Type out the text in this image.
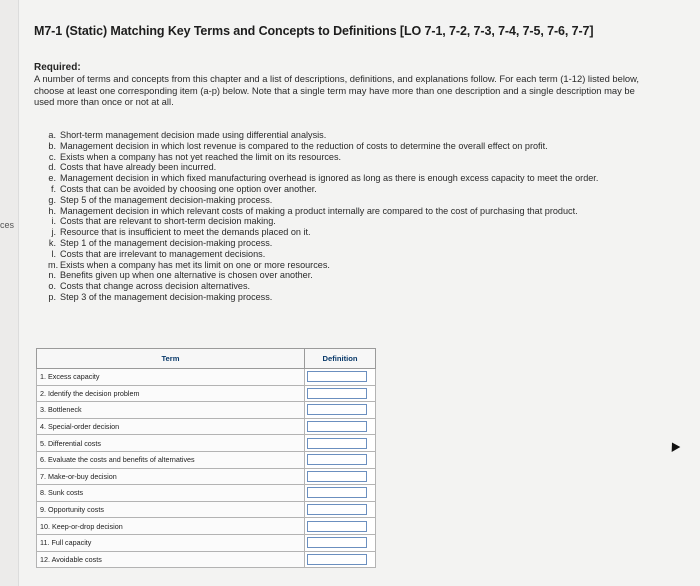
ces
M7-1 (Static) Matching Key Terms and Concepts to Definitions [LO 7-1, 7-2, 7-3, 7-4, 7-5, 7-6, 7-7]
Required:
A number of terms and concepts from this chapter and a list of descriptions, definitions, and explanations follow. For each term (1-12) listed below, choose at least one corresponding item (a-p) below. Note that a single term may have more than one description and a single description may be used more than once or not at all.
a. Short-term management decision made using differential analysis.
b. Management decision in which lost revenue is compared to the reduction of costs to determine the overall effect on profit.
c. Exists when a company has not yet reached the limit on its resources.
d. Costs that have already been incurred.
e. Management decision in which fixed manufacturing overhead is ignored as long as there is enough excess capacity to meet the order.
f. Costs that can be avoided by choosing one option over another.
g. Step 5 of the management decision-making process.
h. Management decision in which relevant costs of making a product internally are compared to the cost of purchasing that product.
i. Costs that are relevant to short-term decision making.
j. Resource that is insufficient to meet the demands placed on it.
k. Step 1 of the management decision-making process.
l. Costs that are irrelevant to management decisions.
m. Exists when a company has met its limit on one or more resources.
n. Benefits given up when one alternative is chosen over another.
o. Costs that change across decision alternatives.
p. Step 3 of the management decision-making process.
Term	Definition
1. Excess capacity	

2. Identify the decision problem	

3. Bottleneck	

4. Special-order decision	

5. Differential costs	

6. Evaluate the costs and benefits of alternatives	

7. Make-or-buy decision	

8. Sunk costs	

9. Opportunity costs	

10. Keep-or-drop decision	

11. Full capacity	

12. Avoidable costs	
